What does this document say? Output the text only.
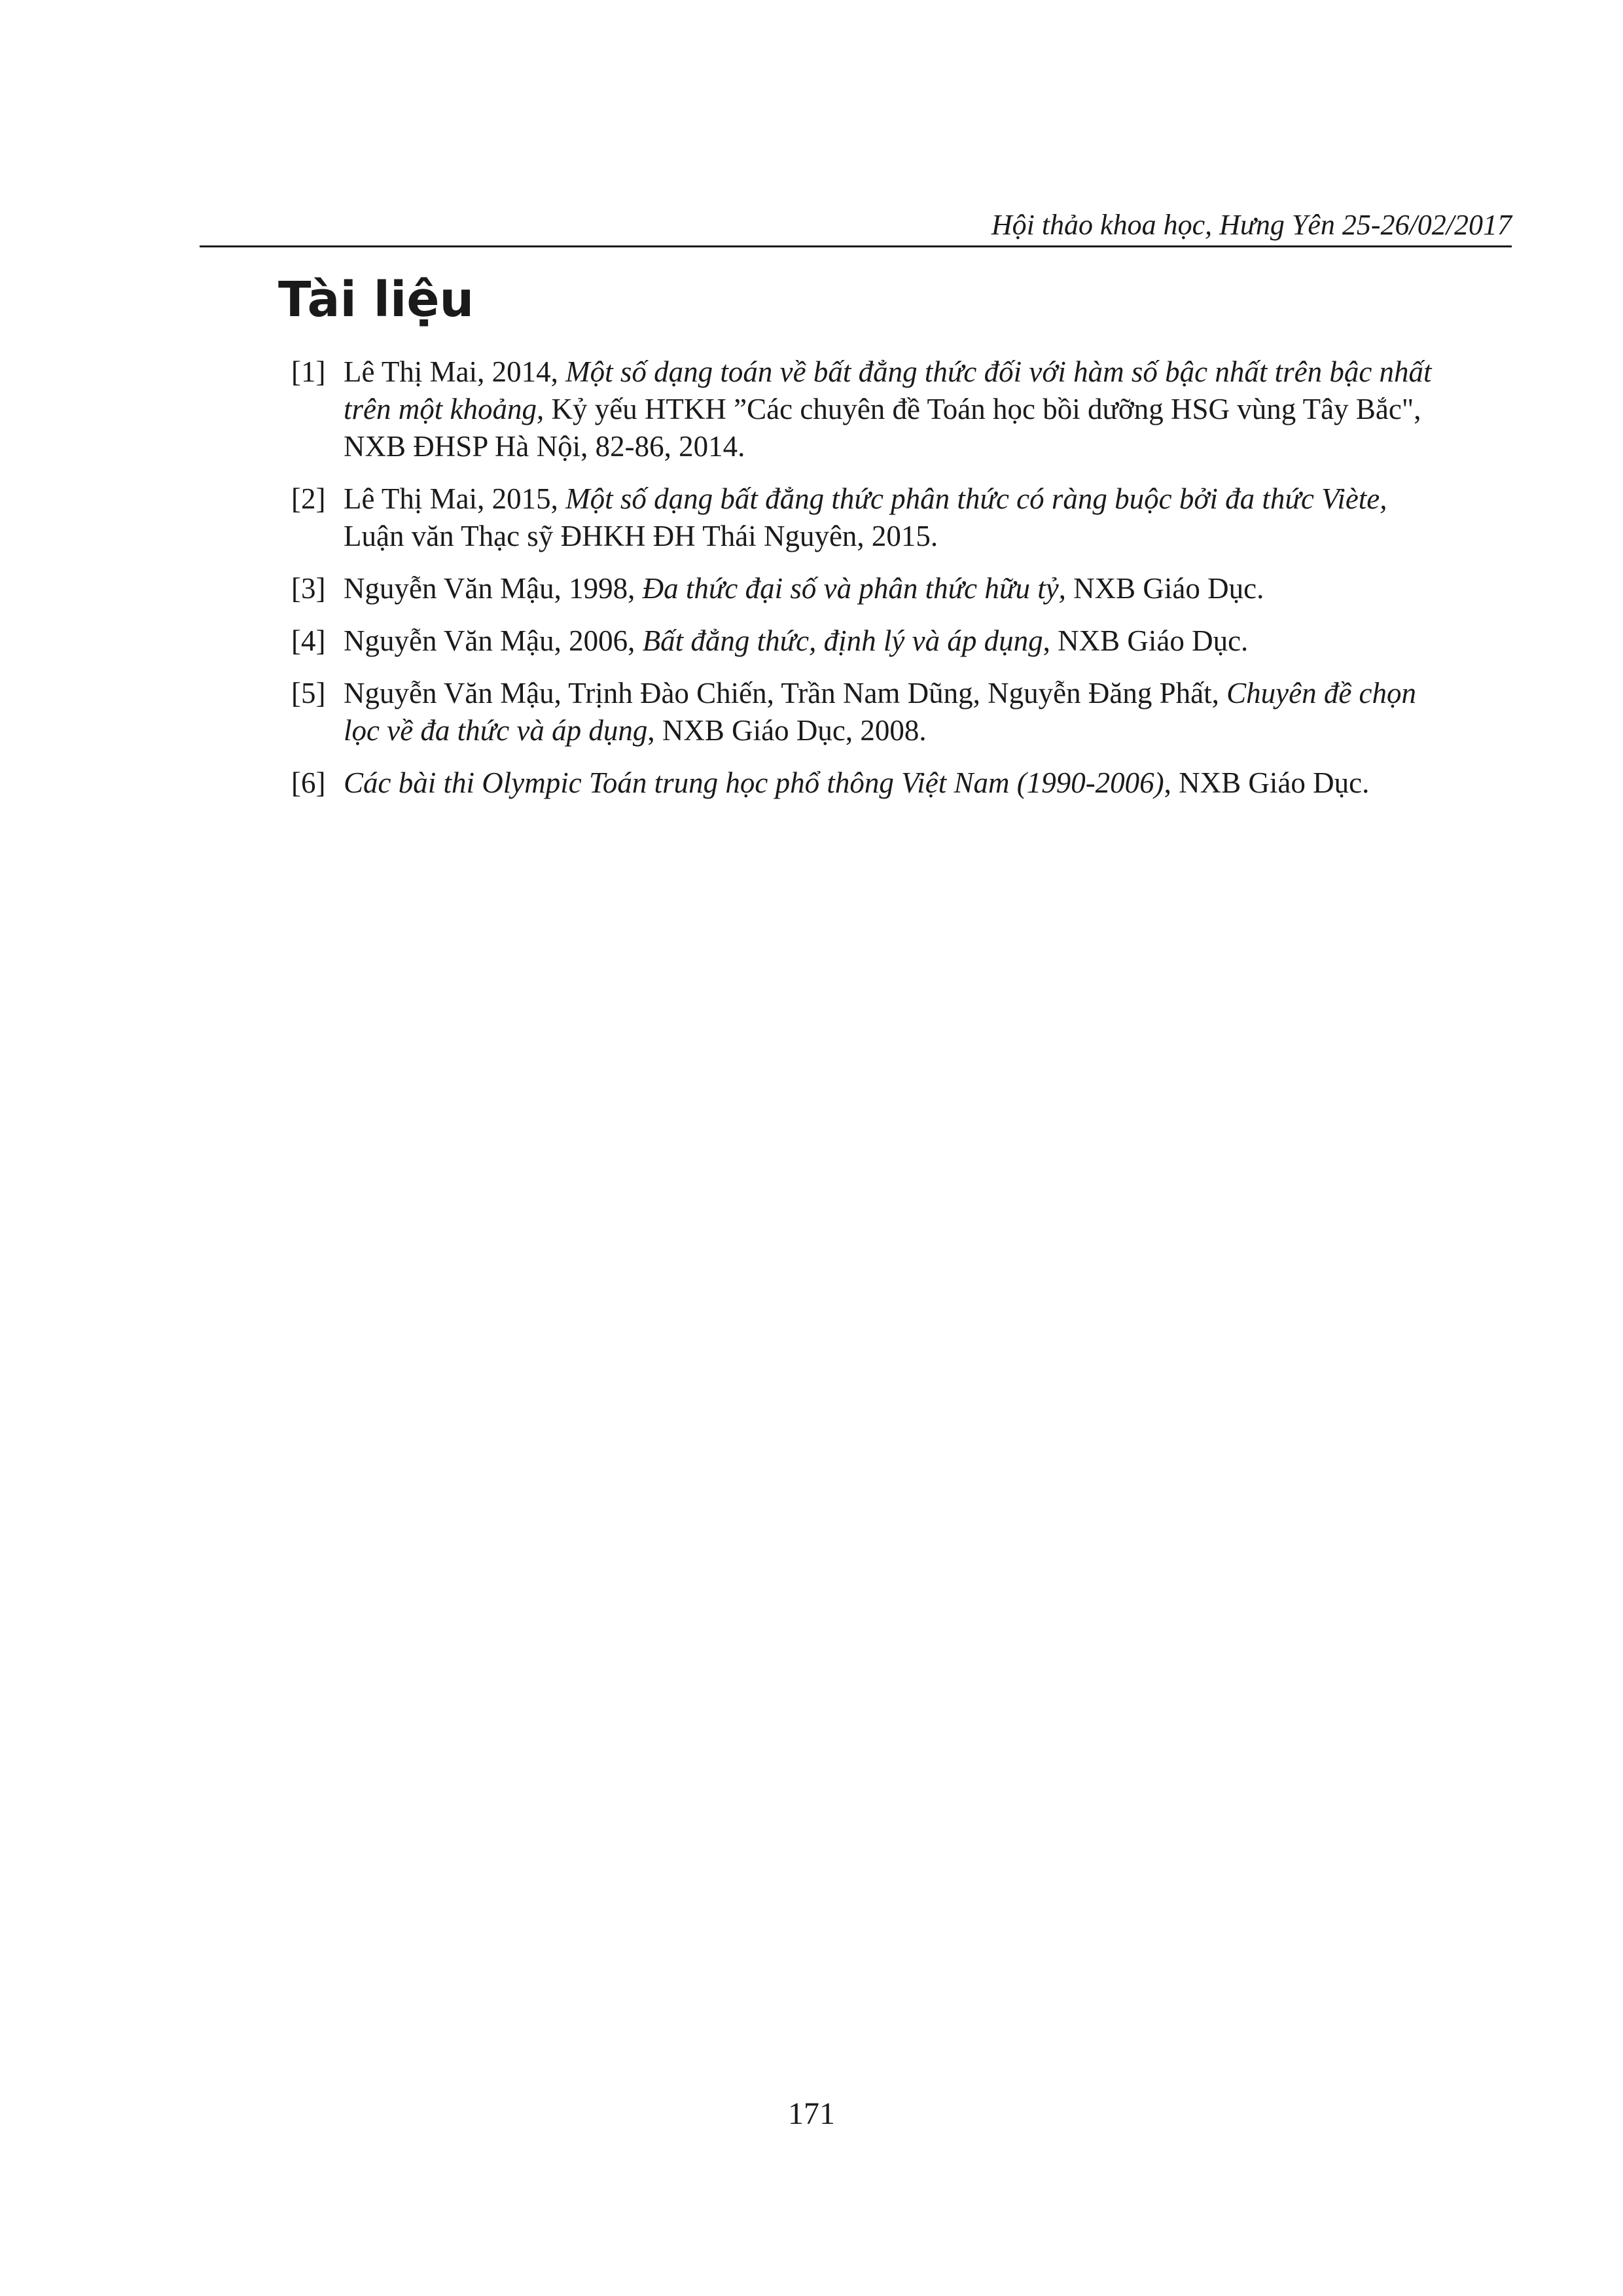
Hội thảo khoa học, Hưng Yên 25-26/02/2017
Tài liệu
[1] Lê Thị Mai, 2014, Một số dạng toán về bất đẳng thức đối với hàm số bậc nhất trên bậc nhất trên một khoảng, Kỷ yếu HTKH ”Các chuyên đề Toán học bồi dưỡng HSG vùng Tây Bắc", NXB ĐHSP Hà Nội, 82-86, 2014.
[2] Lê Thị Mai, 2015, Một số dạng bất đẳng thức phân thức có ràng buộc bởi đa thức Viète, Luận văn Thạc sỹ ĐHKH ĐH Thái Nguyên, 2015.
[3] Nguyễn Văn Mậu, 1998, Đa thức đại số và phân thức hữu tỷ, NXB Giáo Dục.
[4] Nguyễn Văn Mậu, 2006, Bất đẳng thức, định lý và áp dụng, NXB Giáo Dục.
[5] Nguyễn Văn Mậu, Trịnh Đào Chiến, Trần Nam Dũng, Nguyễn Đăng Phất, Chuyên đề chọn lọc về đa thức và áp dụng, NXB Giáo Dục, 2008.
[6] Các bài thi Olympic Toán trung học phổ thông Việt Nam (1990-2006), NXB Giáo Dục.
171
